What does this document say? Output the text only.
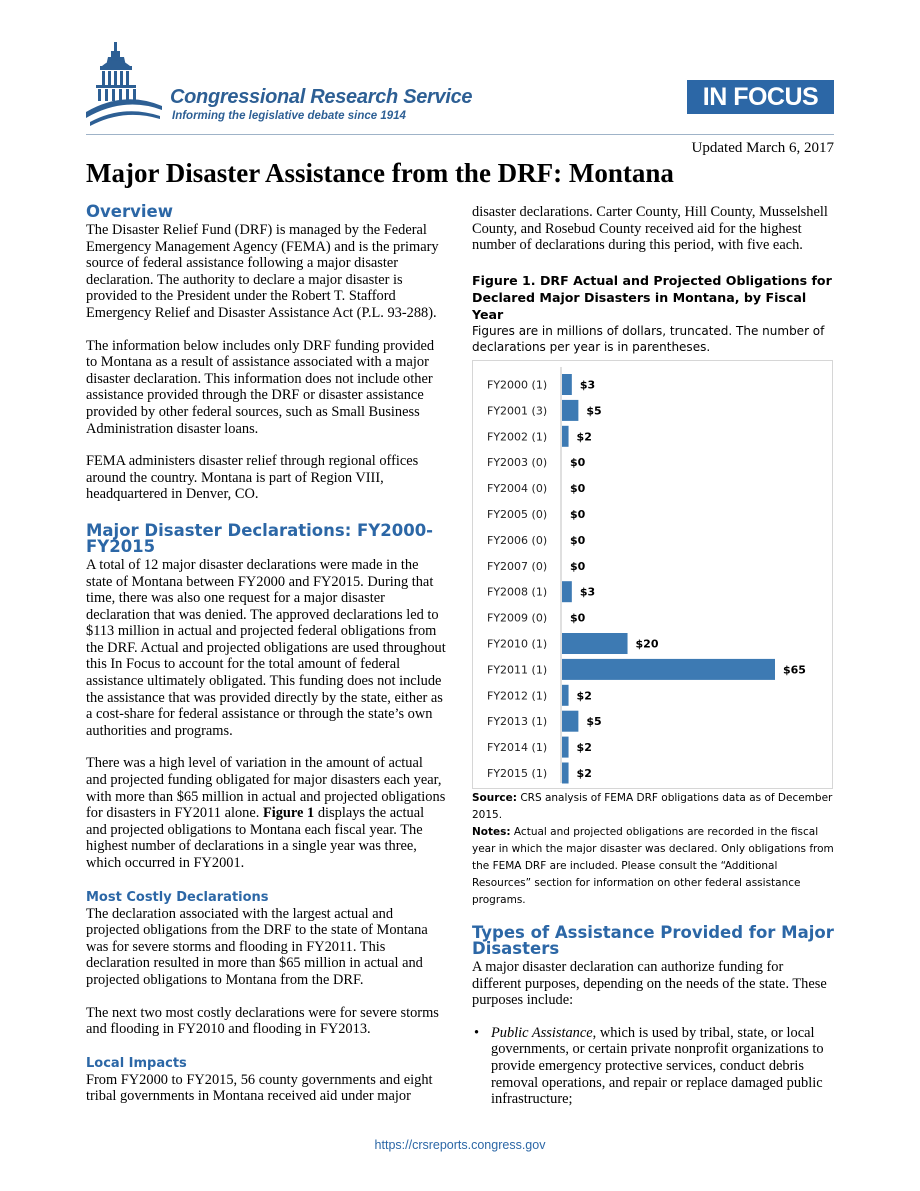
Congressional Research Service
Informing the legislative debate since 1914
IN FOCUS
Updated March 6, 2017
Major Disaster Assistance from the DRF: Montana
Overview

The Disaster Relief Fund (DRF) is managed by the Federal Emergency Management Agency (FEMA) and is the primary source of federal assistance following a major disaster declaration. The authority to declare a major disaster is provided to the President under the Robert T. Stafford Emergency Relief and Disaster Assistance Act (P.L. 93-288).

The information below includes only DRF funding provided to Montana as a result of assistance associated with a major disaster declaration. This information does not include other assistance provided through the DRF or disaster assistance provided by other federal sources, such as Small Business Administration disaster loans.

FEMA administers disaster relief through regional offices around the country. Montana is part of Region VIII, headquartered in Denver, CO.

Major Disaster Declarations: FY2000-FY2015

A total of 12 major disaster declarations were made in the state of Montana between FY2000 and FY2015. During that time, there was also one request for a major disaster declaration that was denied. The approved declarations led to $113 million in actual and projected federal obligations from the DRF. Actual and projected obligations are used throughout this In Focus to account for the total amount of federal assistance ultimately obligated. This funding does not include the assistance that was provided directly by the state, either as a cost-share for federal assistance or through the state’s own authorities and programs.

There was a high level of variation in the amount of actual and projected funding obligated for major disasters each year, with more than $65 million in actual and projected obligations for disasters in FY2011 alone. Figure 1 displays the actual and projected obligations to Montana each fiscal year. The highest number of declarations in a single year was three, which occurred in FY2001.

Most Costly Declarations

The declaration associated with the largest actual and projected obligations from the DRF to the state of Montana was for severe storms and flooding in FY2011. This declaration resulted in more than $65 million in actual and projected obligations to Montana from the DRF.

The next two most costly declarations were for severe storms and flooding in FY2010 and flooding in FY2013.

Local Impacts

From FY2000 to FY2015, 56 county governments and eight tribal governments in Montana received aid under major

disaster declarations. Carter County, Hill County, Musselshell County, and Rosebud County received aid for the highest number of declarations during this period, with five each.

Figure 1. DRF Actual and Projected Obligations for Declared Major Disasters in Montana, by Fiscal Year
Figures are in millions of dollars, truncated. The number of declarations per year is in parentheses.
FY2000 (1)	$3
FY2001 (3)	$5
FY2002 (1)	$2
FY2003 (0) $0
FY2004 (0) $0
FY2005 (0) $0
FY2006 (0) $0
FY2007 (0) $0
FY2008 (1)	$3
FY2009 (0) $0
FY2010 (1)	$20
FY2011 (1)	$65
FY2012 (1)	$2
FY2013 (1)	$5
FY2014 (1)	$2
FY2015 (1)	$2
Source: CRS analysis of FEMA DRF obligations data as of December 2015.
Notes: Actual and projected obligations are recorded in the fiscal year in which the major disaster was declared. Only obligations from the FEMA DRF are included. Please consult the “Additional Resources” section for information on other federal assistance programs.
Types of Assistance Provided for Major Disasters

A major disaster declaration can authorize funding for different purposes, depending on the needs of the state. These purposes include:

• Public Assistance, which is used by tribal, state, or local governments, or certain private nonprofit organizations to provide emergency protective services, conduct debris removal operations, and repair or replace damaged public infrastructure;
https://crsreports.congress.gov
